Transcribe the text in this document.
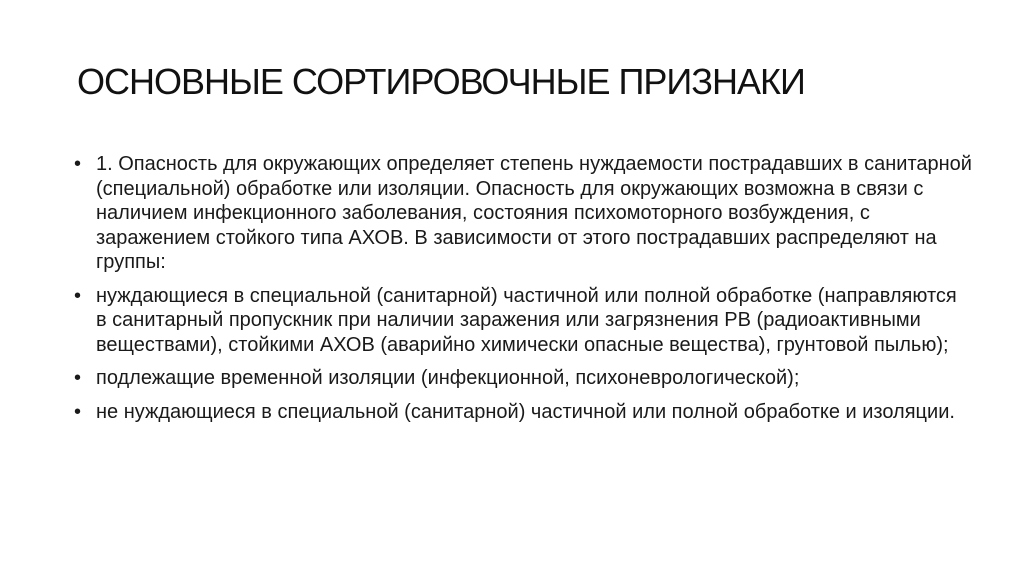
ОСНОВНЫЕ СОРТИРОВОЧНЫЕ ПРИЗНАКИ
• 1. Опасность для окружающих определяет степень нуждаемости пострадавших в санитарной (специальной) обработке или изоляции. Опасность для окружающих возможна в связи с наличием инфекционного заболевания, состояния психомоторного возбуждения, с заражением стойкого типа АХОВ. В зависимости от этого пострадавших распределяют на группы:
• нуждающиеся в специальной (санитарной) частичной или полной обработке (направляются в санитарный пропускник при наличии заражения или загрязнения РВ (радиоактивными веществами), стойкими АХОВ (аварийно химически опасные вещества), грунтовой пылью);
• подлежащие временной изоляции (инфекционной, психоневрологической);
• не нуждающиеся в специальной (санитарной) частичной или полной обработке и изоляции.
